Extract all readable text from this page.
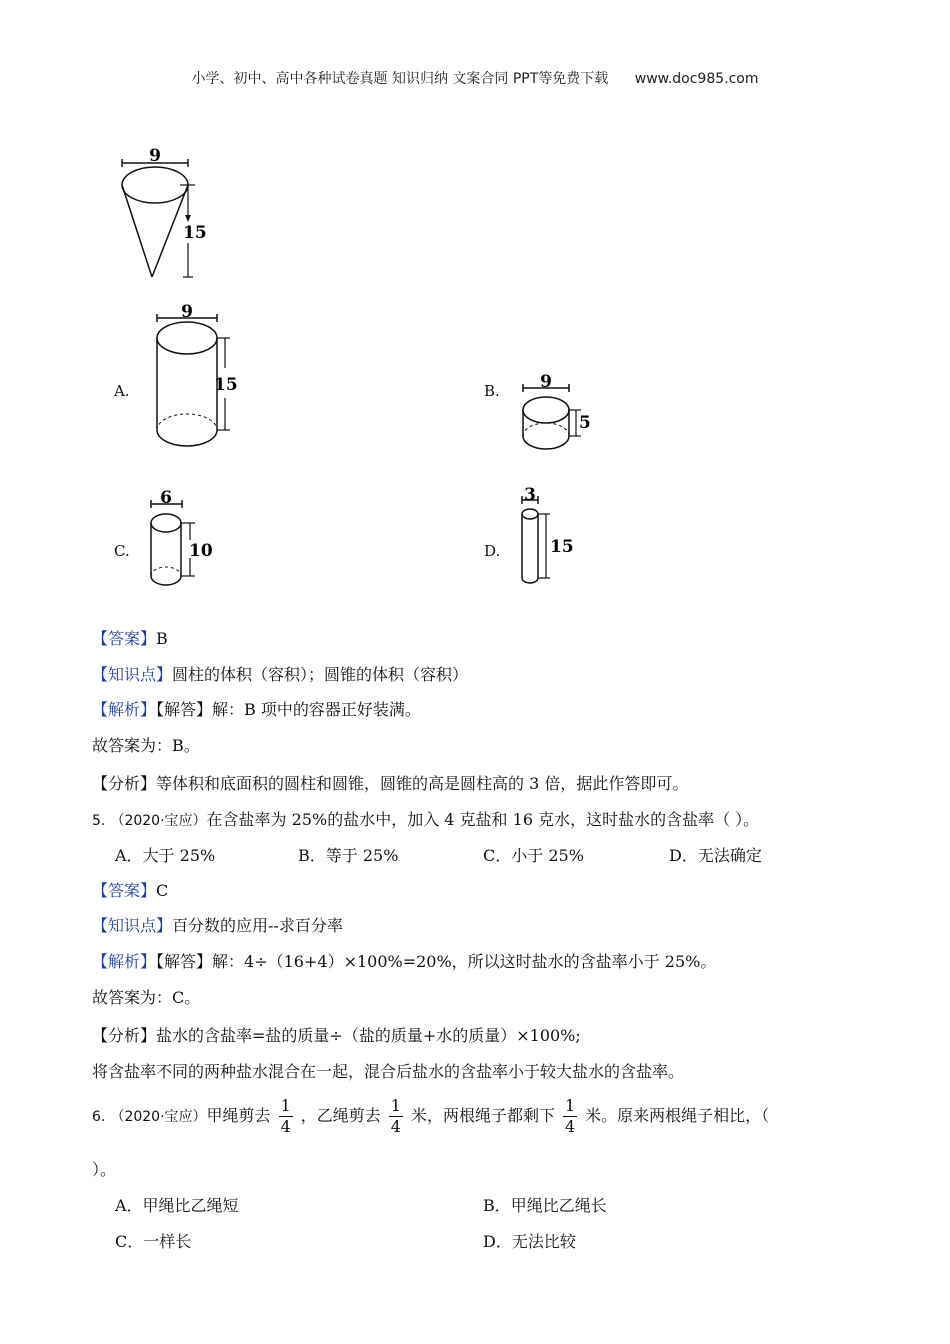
小学、初中、高中各种试卷真题 知识归纳 文案合同 PPT等免费下载 www.doc985.com
9
15
A.
9
15	B. 9
5
C.
6
10	D.
3
15
【答案】B
【知识点】圆柱的体积（容积）；圆锥的体积（容积）
【解析】【解答】解：B 项中的容器正好装满。
故答案为：B。
【分析】等体积和底面积的圆柱和圆锥，圆锥的高是圆柱高的 3 倍，据此作答即可。
5. （2020·宝应）在含盐率为 25%的盐水中，加入 4 克盐和 16 克水，这时盐水的含盐率（ ）。
A．大于 25%	B．等于 25%	C．小于 25%	D．无法确定
【答案】C
【知识点】百分数的应用--求百分率
【解析】【解答】解：4÷（16+4）×100%=20%，所以这时盐水的含盐率小于 25%。
故答案为：C。
【分析】盐水的含盐率=盐的质量÷（盐的质量+水的质量）×100%;
将含盐率不同的两种盐水混合在一起，混合后盐水的含盐率小于较大盐水的含盐率。
6. （2020·宝应）甲绳剪去 $\frac{1}{4}$ ，乙绳剪去 $\frac{1}{4}$ 米，两根绳子都剩下 $\frac{1}{4}$ 米。原来两根绳子相比，（
）。
A．甲绳比乙绳短	B．甲绳比乙绳长
C．一样长	D．无法比较
